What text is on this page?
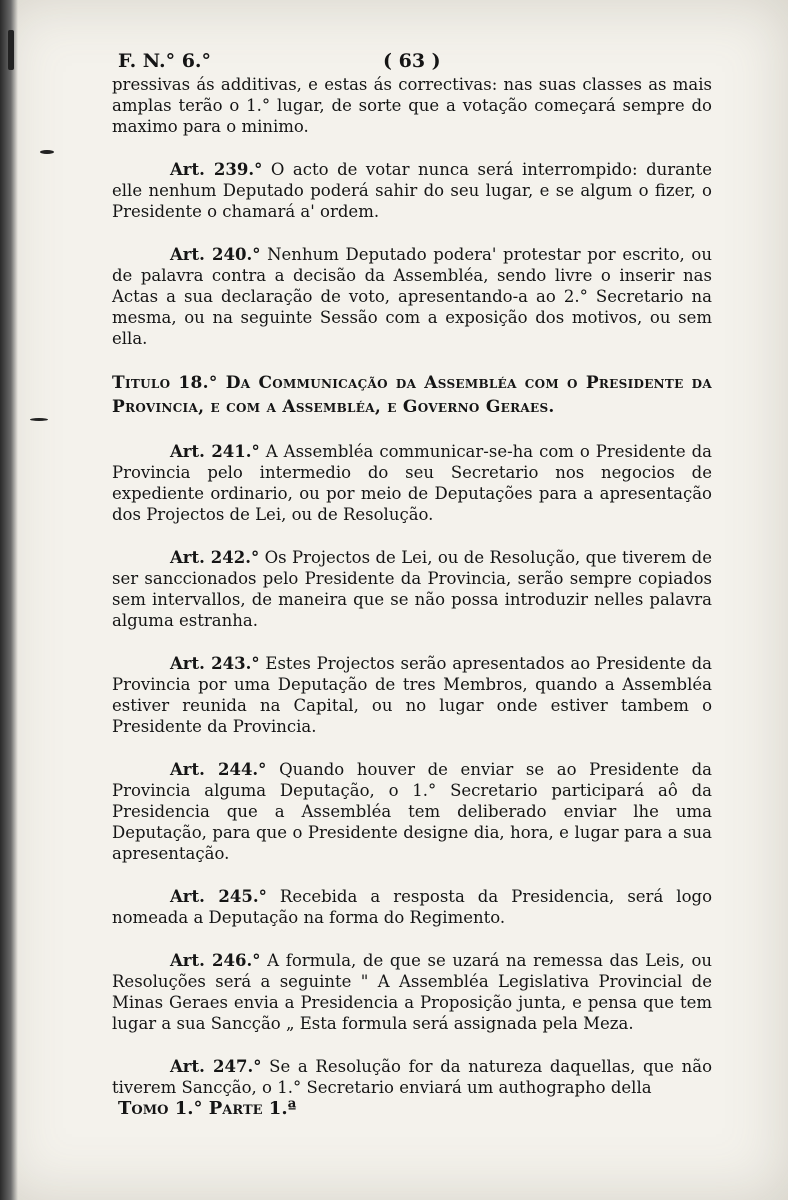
F. N.° 6.°	( 63 )

pressivas ás additivas, e estas ás correctivas: nas suas classes as mais amplas terão o 1.° lugar, de sorte que a votação começará sempre do maximo para o minimo.

Art. 239.° O acto de votar nunca será interrompido: durante elle nenhum Deputado poderá sahir do seu lugar, e se algum o fizer, o Presidente o chamará a' ordem.

Art. 240.° Nenhum Deputado podera' protestar por escrito, ou de palavra contra a decisão da Assembléa, sendo livre o inserir nas Actas a sua declaração de voto, apresentando-a ao 2.° Secretario na mesma, ou na seguinte Sessão com a exposição dos motivos, ou sem ella.

Titulo 18.° Da Communicação da Assembléa com o Presidente da Provincia, e com a Assembléa, e Governo Geraes.

Art. 241.° A Assembléa communicar-se-ha com o Presidente da Provincia pelo intermedio do seu Secretario nos negocios de expediente ordinario, ou por meio de Deputações para a apresentação dos Projectos de Lei, ou de Resolução.

Art. 242.° Os Projectos de Lei, ou de Resolução, que tiverem de ser sanccionados pelo Presidente da Provincia, serão sempre copiados sem intervallos, de maneira que se não possa introduzir nelles palavra alguma estranha.

Art. 243.° Estes Projectos serão apresentados ao Presidente da Provincia por uma Deputação de tres Membros, quando a Assembléa estiver reunida na Capital, ou no lugar onde estiver tambem o Presidente da Provincia.

Art. 244.° Quando houver de enviar se ao Presidente da Provincia alguma Deputação, o 1.° Secretario participará aô da Presidencia que a Assembléa tem deliberado enviar lhe uma Deputação, para que o Presidente designe dia, hora, e lugar para a sua apresentação.

Art. 245.° Recebida a resposta da Presidencia, será logo nomeada a Deputação na forma do Regimento.

Art. 246.° A formula, de que se uzará na remessa das Leis, ou Resoluções será a seguinte " A Assembléa Legislativa Provincial de Minas Geraes envia a Presidencia a Proposição junta, e pensa que tem lugar a sua Sancção „ Esta formula será assignada pela Meza.

Art. 247.° Se a Resolução for da natureza daquellas, que não tiverem Sancção, o 1.° Secretario enviará um authographo della

Tomo 1.° Parte 1.ª
